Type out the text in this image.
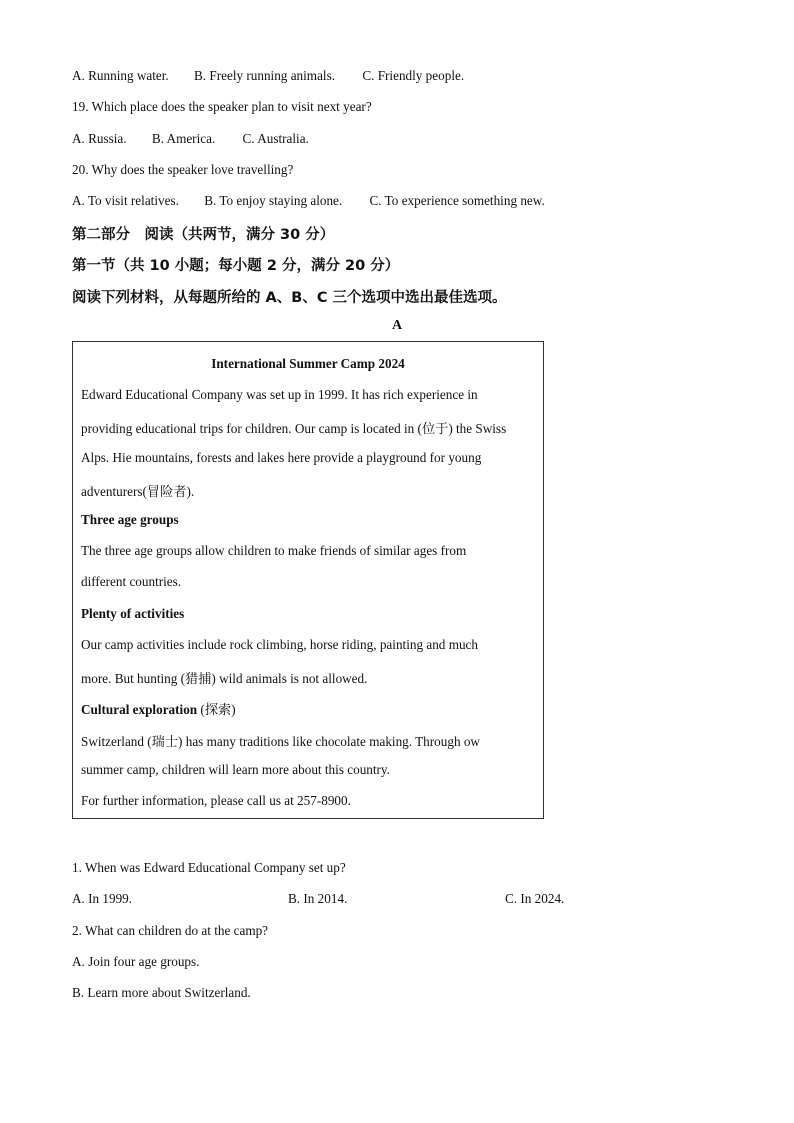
A. Running water. B. Freely running animals. C. Friendly people.
19. Which place does the speaker plan to visit next year?
A. Russia. B. America. C. Australia.
20. Why does the speaker love travelling?
A. To visit relatives. B. To enjoy staying alone. C. To experience something new.
第二部分　阅读（共两节，满分 30 分）
第一节（共 10 小题；每小题 2 分，满分 20 分）
阅读下列材料，从每题所给的 A、B、C 三个选项中选出最佳选项。
A
International Summer Camp 2024
Edward Educational Company was set up in 1999. It has rich experience in
providing educational trips for children. Our camp is located in (位于) the Swiss
Alps. Hie mountains, forests and lakes here provide a playground for young
adventurers(冒险者).
Three age groups
The three age groups allow children to make friends of similar ages from
different countries.
Plenty of activities
Our camp activities include rock climbing, horse riding, painting and much
more. But hunting (猎捕) wild animals is not allowed.
Cultural exploration (探索)
Switzerland (瑞士) has many traditions like chocolate making. Through ow
summer camp, children will learn more about this country.
For further information, please call us at 257-8900.
1. When was Edward Educational Company set up?
A. In 1999.	B. In 2014.	C. In 2024.
2. What can children do at the camp?
A. Join four age groups.
B. Learn more about Switzerland.
